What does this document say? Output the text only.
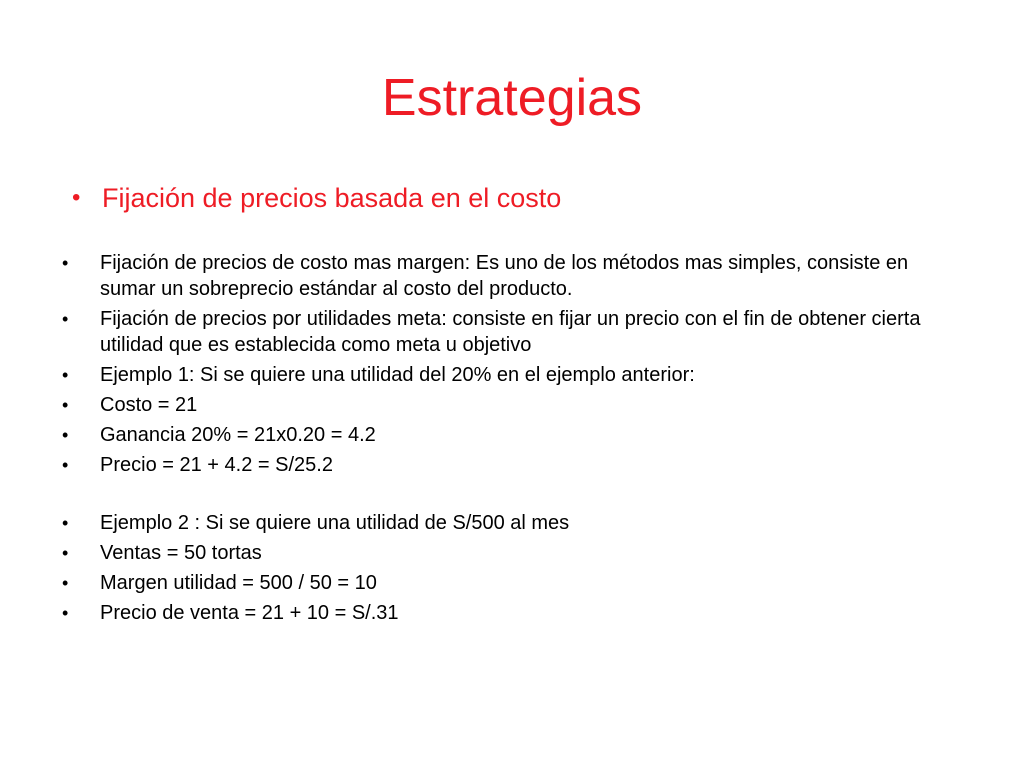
Estrategias
• Fijación de precios basada en el costo
•	Fijación de precios de costo mas margen: Es uno de los métodos mas simples, consiste en sumar un sobreprecio estándar al costo del producto.
•	Fijación de precios por utilidades meta: consiste en fijar un precio con el fin de obtener cierta utilidad que es establecida como meta u objetivo
•	Ejemplo 1: Si se quiere una utilidad del 20% en el ejemplo anterior:
•	Costo = 21
•	Ganancia 20% = 21x0.20 = 4.2
•	Precio = 21 + 4.2 = S/25.2
•	Ejemplo 2 : Si se quiere una utilidad de S/500 al mes
•	Ventas = 50 tortas
•	Margen utilidad = 500 / 50 = 10
•	Precio de venta = 21 + 10 = S/.31
